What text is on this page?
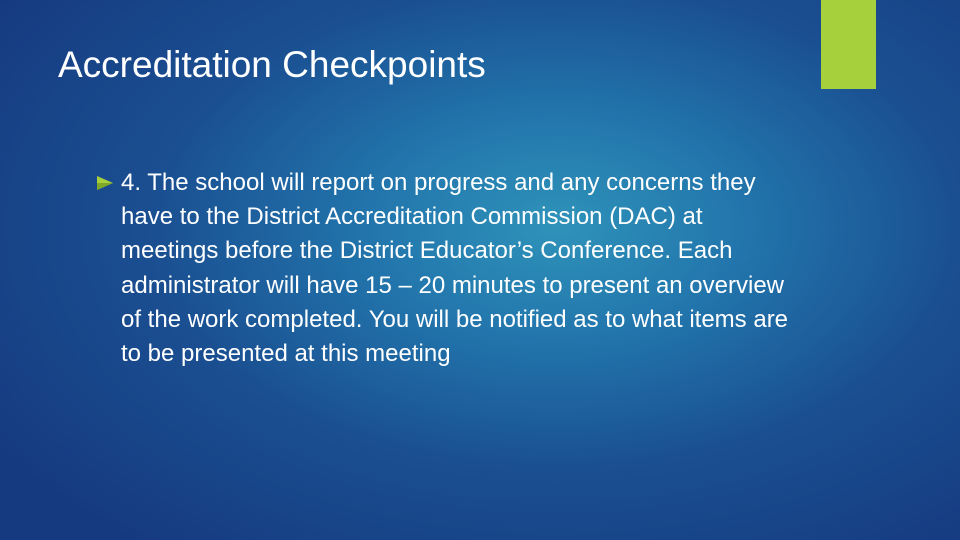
Accreditation Checkpoints
4. The school will report on progress and any concerns they have to the District Accreditation Commission (DAC) at meetings before the District Educator’s Conference. Each administrator will have 15 – 20 minutes to present an overview of the work completed. You will be notified as to what items are to be presented at this meeting
